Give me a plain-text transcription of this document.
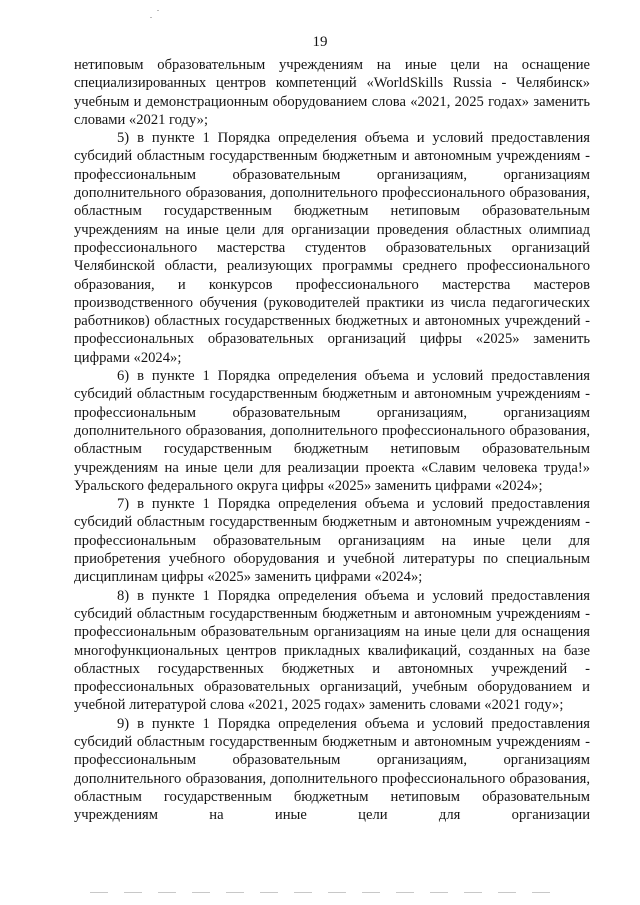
19

нетиповым образовательным учреждениям на иные цели на оснащение специализированных центров компетенций «WorldSkills Russia - Челябинск» учебным и демонстрационным оборудованием слова «2021, 2025 годах» заменить словами «2021 году»;

5) в пункте 1 Порядка определения объема и условий предоставления субсидий областным государственным бюджетным и автономным учреждениям - профессиональным образовательным организациям, организациям дополнительного образования, дополнительного профессионального образования, областным государственным бюджетным нетиповым образовательным учреждениям на иные цели для организации проведения областных олимпиад профессионального мастерства студентов образовательных организаций Челябинской области, реализующих программы среднего профессионального образования, и конкурсов профессионального мастерства мастеров производственного обучения (руководителей практики из числа педагогических работников) областных государственных бюджетных и автономных учреждений - профессиональных образовательных организаций цифры «2025» заменить цифрами «2024»;

6) в пункте 1 Порядка определения объема и условий предоставления субсидий областным государственным бюджетным и автономным учреждениям - профессиональным образовательным организациям, организациям дополнительного образования, дополнительного профессионального образования, областным государственным бюджетным нетиповым образовательным учреждениям на иные цели для реализации проекта «Славим человека труда!» Уральского федерального округа цифры «2025» заменить цифрами «2024»;

7) в пункте 1 Порядка определения объема и условий предоставления субсидий областным государственным бюджетным и автономным учреждениям - профессиональным образовательным организациям на иные цели для приобретения учебного оборудования и учебной литературы по специальным дисциплинам цифры «2025» заменить цифрами «2024»;

8) в пункте 1 Порядка определения объема и условий предоставления субсидий областным государственным бюджетным и автономным учреждениям - профессиональным образовательным организациям на иные цели для оснащения многофункциональных центров прикладных квалификаций, созданных на базе областных государственных бюджетных и автономных учреждений - профессиональных образовательных организаций, учебным оборудованием и учебной литературой слова «2021, 2025 годах» заменить словами «2021 году»;

9) в пункте 1 Порядка определения объема и условий предоставления субсидий областным государственным бюджетным и автономным учреждениям - профессиональным образовательным организациям, организациям дополнительного образования, дополнительного профессионального образования, областным государственным бюджетным нетиповым образовательным учреждениям на иные цели для организации
